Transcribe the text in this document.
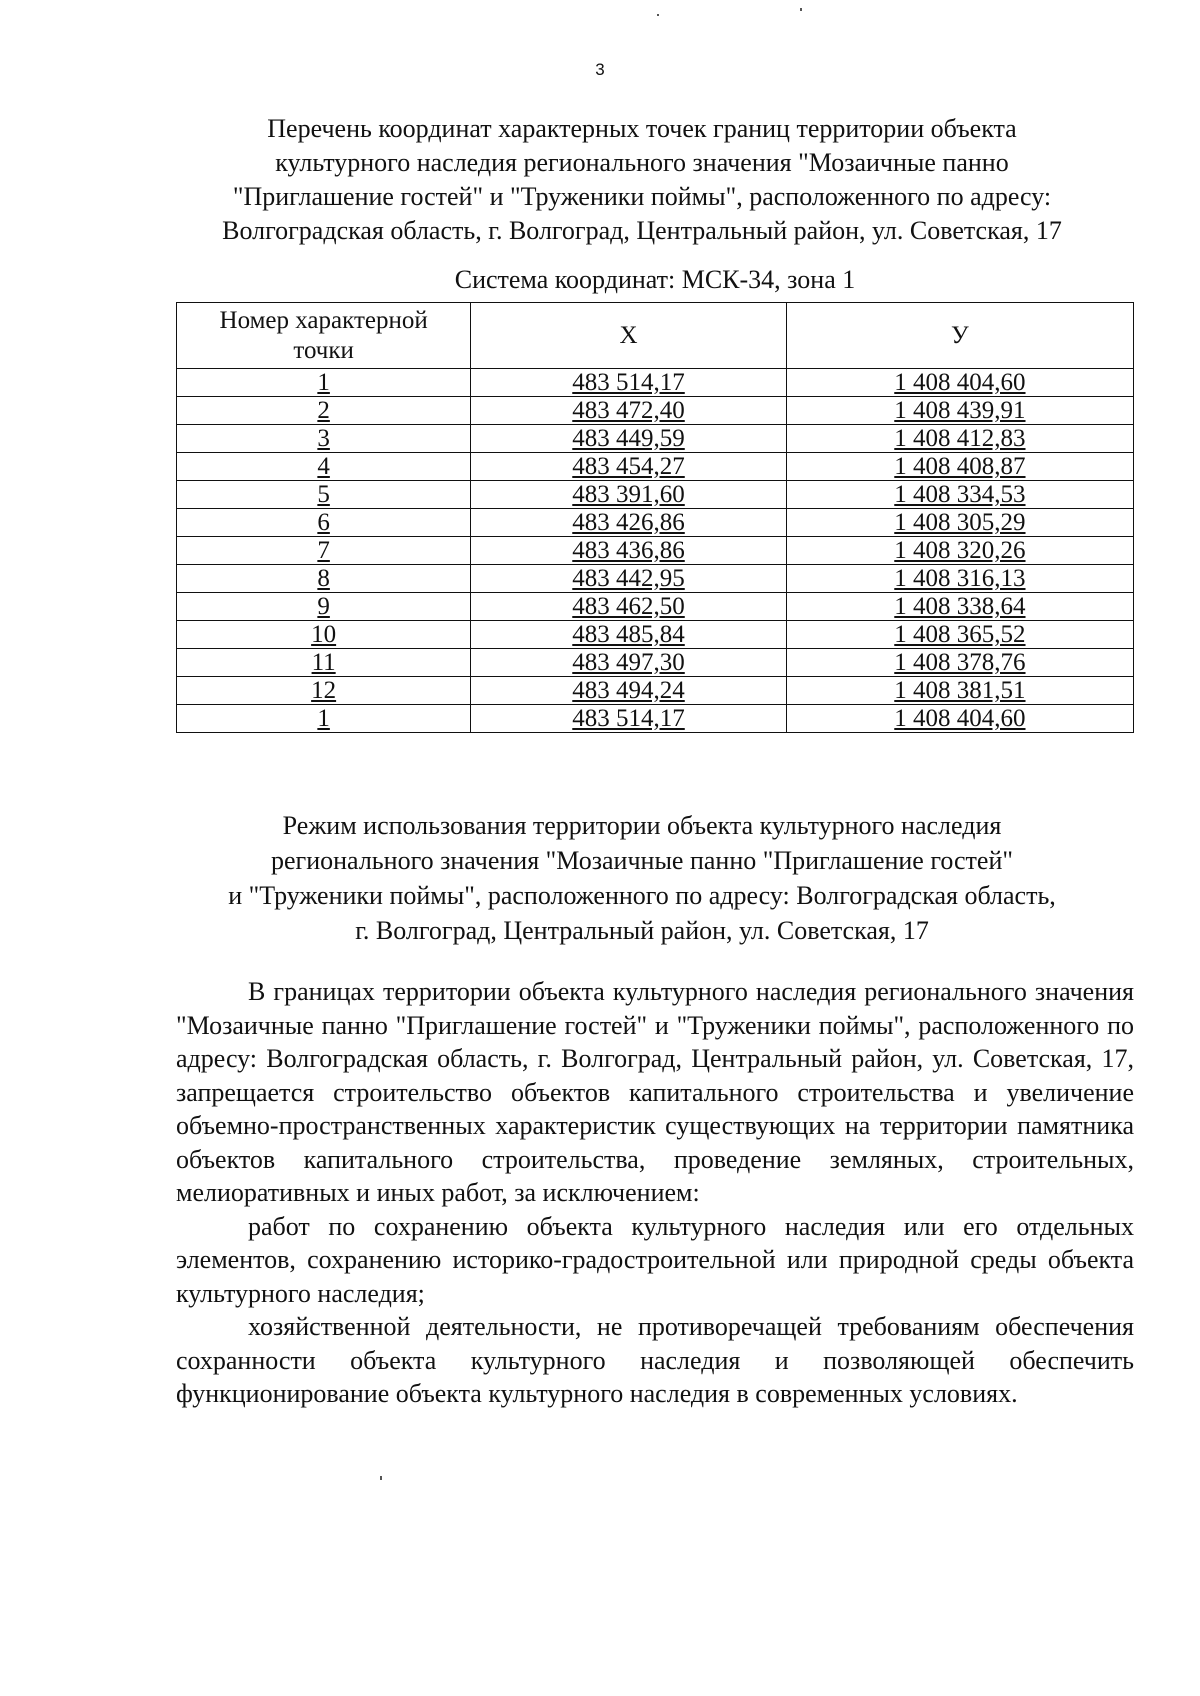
3
Перечень координат характерных точек границ территории объекта
культурного наследия регионального значения "Мозаичные панно
"Приглашение гостей" и "Труженики поймы", расположенного по адресу:
Волгоградская область, г. Волгоград, Центральный район, ул. Советская, 17
Система координат: МСК-34, зона 1
Номер характерной точки	X	У
1	483 514,17	1 408 404,60
2	483 472,40	1 408 439,91
3	483 449,59	1 408 412,83
4	483 454,27	1 408 408,87
5	483 391,60	1 408 334,53
6	483 426,86	1 408 305,29
7	483 436,86	1 408 320,26
8	483 442,95	1 408 316,13
9	483 462,50	1 408 338,64
10	483 485,84	1 408 365,52
11	483 497,30	1 408 378,76
12	483 494,24	1 408 381,51
1	483 514,17	1 408 404,60
Режим использования территории объекта культурного наследия
регионального значения "Мозаичные панно "Приглашение гостей"
и "Труженики поймы", расположенного по адресу: Волгоградская область,
г. Волгоград, Центральный район, ул. Советская, 17

В границах территории объекта культурного наследия регионального значения "Мозаичные панно "Приглашение гостей" и "Труженики поймы", расположенного по адресу: Волгоградская область, г. Волгоград, Центральный район, ул. Советская, 17, запрещается строительство объектов капитального строительства и увеличение объемно-пространственных характеристик существующих на территории памятника объектов капитального строительства, проведение земляных, строительных, мелиоративных и иных работ, за исключением:

работ по сохранению объекта культурного наследия или его отдельных элементов, сохранению историко-градостроительной или природной среды объекта культурного наследия;

хозяйственной деятельности, не противоречащей требованиям обеспечения сохранности объекта культурного наследия и позволяющей обеспечить функционирование объекта культурного наследия в современных условиях.
